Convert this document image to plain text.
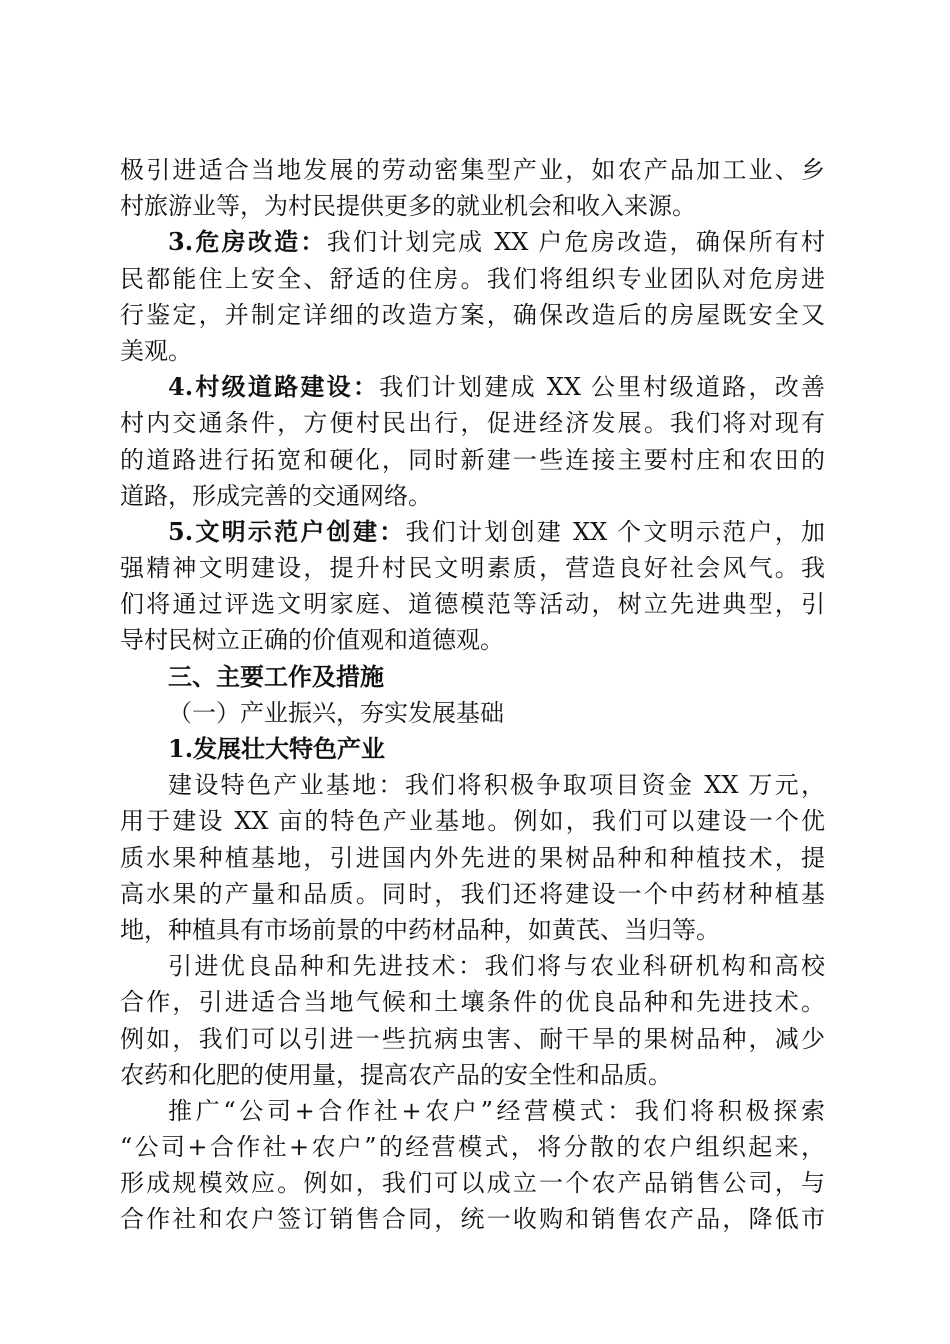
极引进适合当地发展的劳动密集型产业，如农产品加工业、乡
村旅游业等，为村民提供更多的就业机会和收入来源。
3.危房改造：我们计划完成 XX 户危房改造，确保所有村
民都能住上安全、舒适的住房。我们将组织专业团队对危房进
行鉴定，并制定详细的改造方案，确保改造后的房屋既安全又
美观。
4.村级道路建设：我们计划建成 XX 公里村级道路，改善
村内交通条件，方便村民出行，促进经济发展。我们将对现有
的道路进行拓宽和硬化，同时新建一些连接主要村庄和农田的
道路，形成完善的交通网络。
5.文明示范户创建：我们计划创建 XX 个文明示范户，加
强精神文明建设，提升村民文明素质，营造良好社会风气。我
们将通过评选文明家庭、道德模范等活动，树立先进典型，引
导村民树立正确的价值观和道德观。
三、主要工作及措施
（一）产业振兴，夯实发展基础
1.发展壮大特色产业
建设特色产业基地：我们将积极争取项目资金 XX 万元，
用于建设 XX 亩的特色产业基地。例如，我们可以建设一个优
质水果种植基地，引进国内外先进的果树品种和种植技术，提
高水果的产量和品质。同时，我们还将建设一个中药材种植基
地，种植具有市场前景的中药材品种，如黄芪、当归等。
引进优良品种和先进技术：我们将与农业科研机构和高校
合作，引进适合当地气候和土壤条件的优良品种和先进技术。
例如，我们可以引进一些抗病虫害、耐干旱的果树品种，减少
农药和化肥的使用量，提高农产品的安全性和品质。
推广“公司+合作社+农户”经营模式：我们将积极探索
“公司+合作社+农户”的经营模式，将分散的农户组织起来，
形成规模效应。例如，我们可以成立一个农产品销售公司，与
合作社和农户签订销售合同，统一收购和销售农产品，降低市
